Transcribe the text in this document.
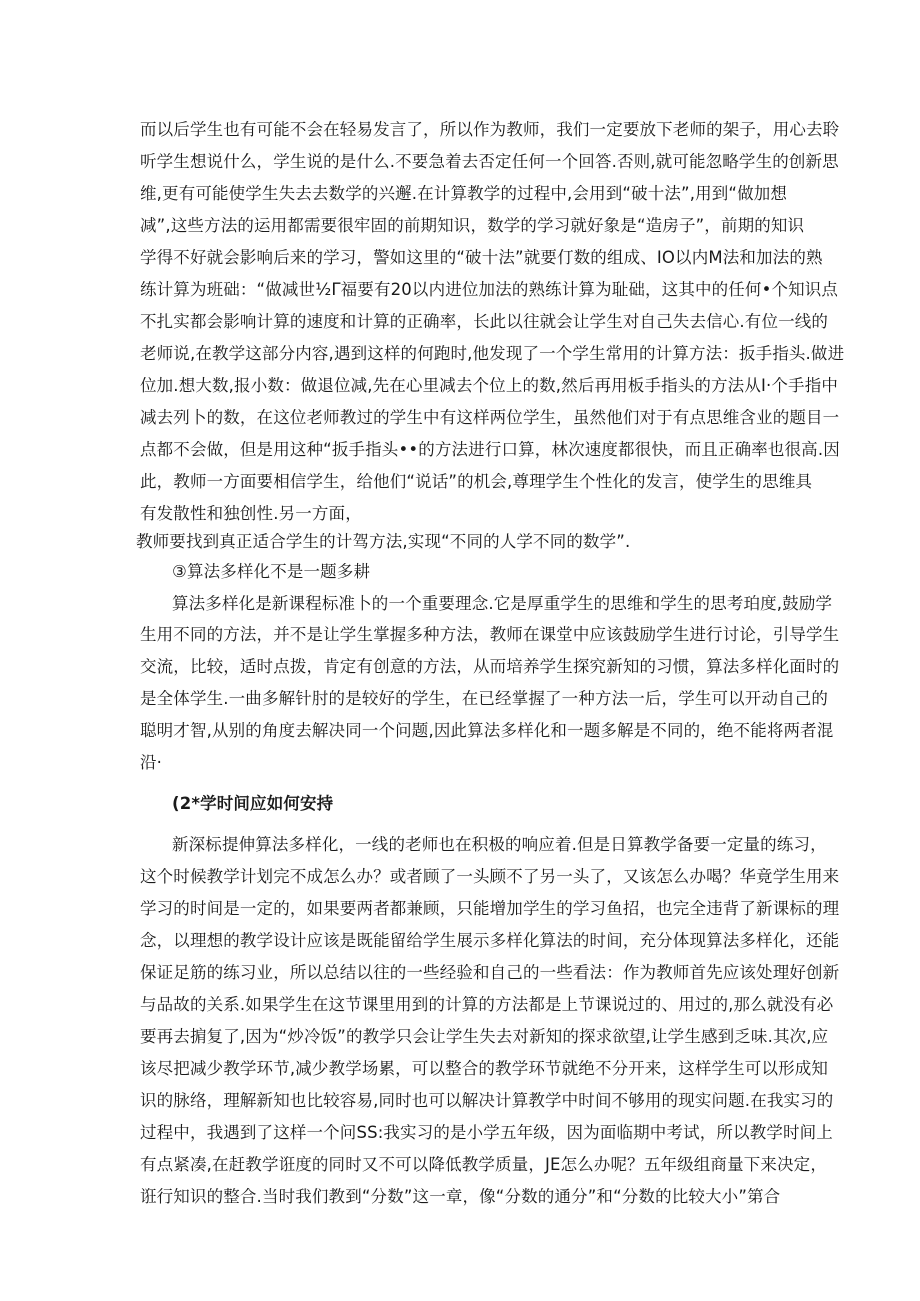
而以后学生也有可能不会在轻易发言了，所以作为教师，我们一定要放下老师的架子，用心去聆
听学生想说什么，学生说的是什么.不要急着去否定任何一个回答.否则,就可能忽略学生的创新思
维,更有可能使学生失去去数学的兴邂.在计算教学的过程中,会用到“破十法”,用到“做加想
减”,这些方法的运用都需要很牢固的前期知识，数学的学习就好象是“造房子”，前期的知识
学得不好就会影响后来的学习，警如这里的“破十法”就要仃数的组成、IO以内M法和加法的熟
练计算为班础：“做减世½Γ福要有20以内进位加法的熟练计算为耻础，这其中的任何•个知识点
不扎实都会影响计算的速度和计算的正确率，长此以往就会让学生对自己失去信心.有位一线的
老师说,在教学这部分内容,遇到这样的何跑时,他发现了一个学生常用的计算方法：扳手指头.做进
位加.想大数,报小数：做退位减,先在心里减去个位上的数,然后再用板手指头的方法从Ι·个手指中
减去列卜的数，在这位老师教过的学生中有这样两位学生，虽然他们对于有点思维含业的题目一
点都不会做，但是用这种“扳手指头••的方法进行口算，林次速度都很快，而且正确率也很高.因
此，教师一方面要相信学生，给他们“说话”的机会,尊理学生个性化的发言，使学生的思维具
有发散性和独创性.另一方面，
教师要找到真正适合学生的计驾方法,实现“不同的人学不同的数学”.
③算法多样化不是一题多耕
算法多样化是新课程标准卜的一个重要理念.它是厚重学生的思维和学生的思考珀度,鼓励学
生用不同的方法，并不是让学生掌握多种方法，教师在课堂中应该鼓励学生进行讨论，引导学生
交流，比较，适时点拨，肯定有创意的方法，从而培养学生探究新知的习惯，算法多样化面时的
是全体学生.一曲多解针肘的是较好的学生，在已经掌握了一种方法一后，学生可以开动自己的
聪明才智,从别的角度去解决同一个问题,因此算法多样化和一题多解是不同的，绝不能将两者混
沿·
(2*学时间应如何安持
新深标提伸算法多样化，一线的老师也在积极的响应着.但是日算教学备要一定量的练习，
这个时候教学计划完不成怎么办？或者顾了一头顾不了另一头了，又该怎么办喝？华竟学生用来
学习的时间是一定的，如果要两者都兼顾，只能增加学生的学习鱼招，也完全违背了新课标的理
念，以理想的教学设计应该是既能留给学生展示多样化算法的时间，充分体现算法多样化，还能
保证足筋的练习业，所以总结以往的一些经验和自己的一些看法：作为教师首先应该处理好创新
与品故的关系.如果学生在这节课里用到的计算的方法都是上节课说过的、用过的,那么就没有必
要再去掮复了,因为“炒冷饭”的教学只会让学生失去对新知的探求欲望,让学生感到乏味.其次,应
该尽把减少教学环节,减少教学场累，可以整合的教学环节就绝不分开来，这样学生可以形成知
识的脉络，理解新知也比较容易,同时也可以解决计算教学中时间不够用的现实问题.在我实习的
过程中，我遇到了这样一个问SS:我实习的是小学五年级，因为面临期中考试，所以教学时间上
有点紧凑,在赶教学诳度的同时又不可以降低教学质量，JE怎么办呢？五年级组商量下来决定，
诳行知识的整合.当时我们教到“分数”这一章，像“分数的通分”和“分数的比较大小”第合
